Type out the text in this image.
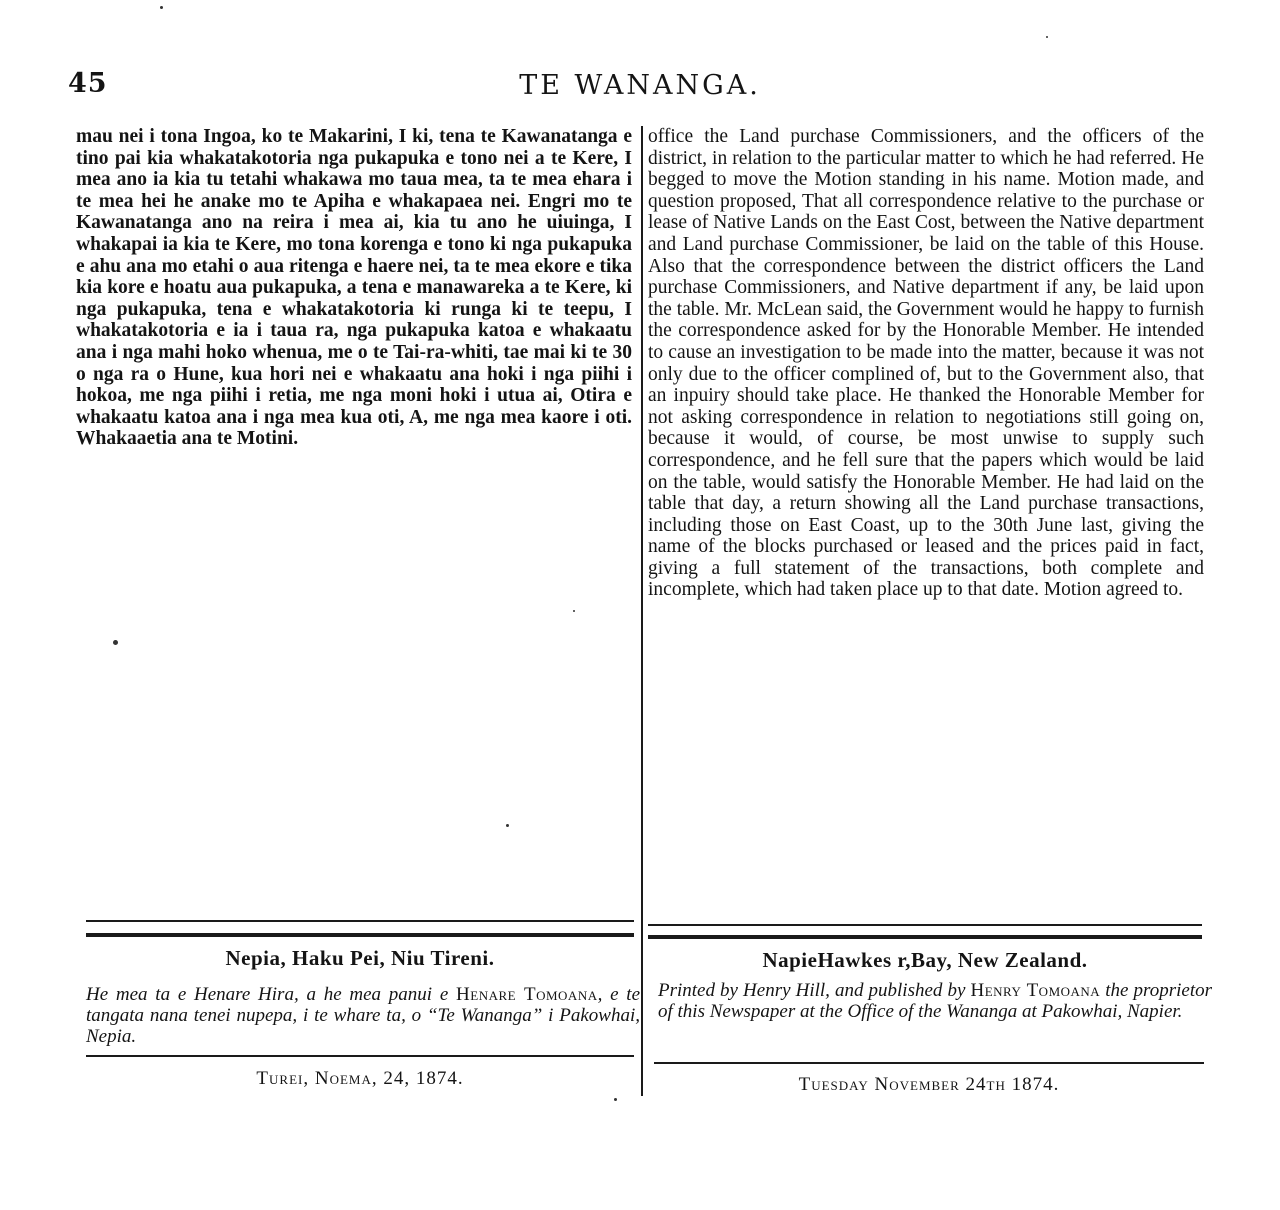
45	TE WANANGA.

mau nei i tona Ingoa, ko te Makarini, I ki, tena te Kawanatanga e tino pai kia whakatakotoria nga pukapuka e tono nei a te Kere, I mea ano ia kia tu tetahi whakawa mo taua mea, ta te mea ehara i te mea hei he anake mo te Apiha e whakapaea nei. Engri mo te Kawanatanga ano na reira i mea ai, kia tu ano he uiuinga, I whakapai ia kia te Kere, mo tona korenga e tono ki nga pukapuka e ahu ana mo etahi o aua ritenga e haere nei, ta te mea ekore e tika kia kore e hoatu aua pukapuka, a tena e manawareka a te Kere, ki nga pukapuka, tena e whakatakotoria ki runga ki te teepu, I whakatakotoria e ia i taua ra, nga pukapuka katoa e whakaatu ana i nga mahi hoko whenua, me o te Tai-ra-whiti, tae mai ki te 30 o nga ra o Hune, kua hori nei e whakaatu ana hoki i nga piihi i hokoa, me nga piihi i retia, me nga moni hoki i utua ai, Otira e whakaatu katoa ana i nga mea kua oti, A, me nga mea kaore i oti. Whakaaetia ana te Motini.

office the Land purchase Commissioners, and the officers of the district, in relation to the particular matter to which he had referred. He begged to move the Motion standing in his name. Motion made, and question proposed, That all correspondence relative to the purchase or lease of Native Lands on the East Cost, between the Native department and Land purchase Commissioner, be laid on the table of this House. Also that the correspondence between the district officers the Land purchase Commissioners, and Native department if any, be laid upon the table. Mr. McLean said, the Government would he happy to furnish the correspondence asked for by the Honorable Member. He intended to cause an investigation to be made into the matter, because it was not only due to the officer complined of, but to the Government also, that an inpuiry should take place. He thanked the Honorable Member for not asking correspondence in relation to negotiations still going on, because it would, of course, be most unwise to supply such correspondence, and he fell sure that the papers which would be laid on the table, would satisfy the Honorable Member. He had laid on the table that day, a return showing all the Land purchase transactions, including those on East Coast, up to the 30th June last, giving the name of the blocks purchased or leased and the prices paid in fact, giving a full statement of the transactions, both complete and incomplete, which had taken place up to that date. Motion agreed to.

Nepia, Haku Pei, Niu Tireni.

He mea ta e Henare Hira, a he mea panui e Henare Tomoana, e te tangata nana tenei nupepa, i te whare ta, o “Te Wananga” i Pakowhai, Nepia.

Turei, Noema, 24, 1874.
NapieHawkes r,Bay, New Zealand.

Printed by Henry Hill, and published by Henry Tomoana the proprietor of this Newspaper at the Office of the Wananga at Pakowhai, Napier.

Tuesday November 24th 1874.
